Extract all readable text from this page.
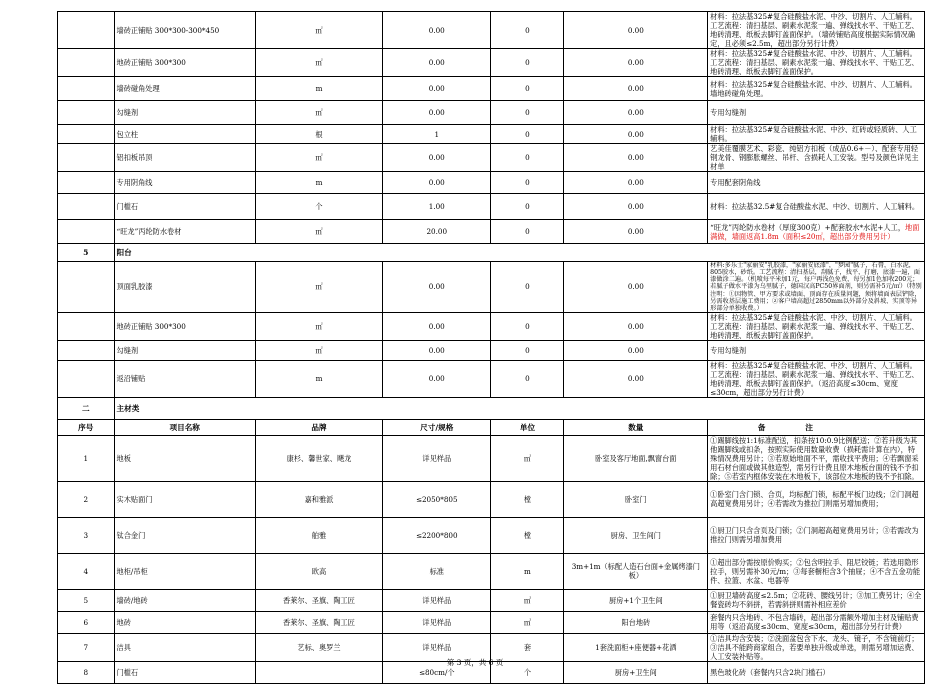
	墙砖正铺贴 300*300-300*450	㎡	0.00	0	0.00	材料：拉法基325#复合硅酸盐水泥、中沙、切割片、人工辅料。工艺流程：清扫基层、刷素水泥浆一遍、弹线找水平、干贴工艺、地砖清理、纸板去脚钉盖面保护。（墙砖铺贴高度根据实际情况确定，且必须≤2.5m，超出部分另行计费）	
	地砖正铺贴 300*300	㎡	0.00	0	0.00	材料：拉法基325#复合硅酸盐水泥、中沙、切割片、人工辅料。工艺流程：清扫基层、刷素水泥浆一遍、弹线找水平、干贴工艺、地砖清理、纸板去脚钉盖面保护。	
	墙砖碰角处理	m	0.00	0	0.00	材料：拉法基325#复合硅酸盐水泥、中沙、切割片、人工辅料。墙地砖碰角处理。	
	勾缝剂	㎡	0.00	0	0.00	专用勾缝剂	
	包立柱	根	1	0	0.00	材料：拉法基325#复合硅酸盐水泥、中沙、红砖或轻质砖、人工辅料。	
	铝扣板吊顶	㎡	0.00	0	0.00	艺美佳覆膜艺术、彩瓷、纯铝方扣板（成品0.6+－）、配套专用轻钢龙骨、钢膨胀螺丝、吊杆、含损耗人工安装。型号及颜色详见主材单	
	专用阴角线	m	0.00	0	0.00	专用配套阴角线	
	门槛石	个	1.00	0	0.00	材料：拉法基32.5#复合硅酸盐水泥、中沙、切割片、人工辅料。	
	“旺龙”丙纶防水卷材	㎡	20.00	0	0.00	“旺龙”丙纶防水卷材（厚度300克）+配套胶水*水泥+人工，地面满做，墙面返高1.8m（面积≤20㎡，超出部分费用另计）	
5	阳台						
	顶面乳胶漆	㎡	0.00	0	0.00	材料:多乐士"家丽安"乳胶漆，"家丽安底漆"，"梦园"腻子，石膏，白水泥，805胶水，砂纸。工艺流程：清扫基层，刮腻子，找平，打磨，底漆一遍，面漆做涂二遍。（机喷每平米加1元，每户再浅色免费，每另加1色加收200元；若腻子做水平漆为乌里腻子，德国汉高PC50界面剂，则另需补5元/㎡）（特别注明：①因物管、甲方要求或墙面、顶面存在质量问题，须将墙面表层铲除，另需收基层施工费用；②客户墙高超过2850mm以外部分及斜坡、实顶等异形部分单独收费。）	
	地砖正铺贴 300*300	㎡	0.00	0	0.00	材料：拉法基325#复合硅酸盐水泥、中沙、切割片、人工辅料。工艺流程：清扫基层、刷素水泥浆一遍、弹线找水平、干贴工艺、地砖清理、纸板去脚钉盖面保护。	
	勾缝剂	㎡	0.00	0	0.00	专用勾缝剂	
	返沿铺贴	m	0.00	0	0.00	材料：拉法基325#复合硅酸盐水泥、中沙、切割片、人工辅料。　工艺流程：清扫基层、刷素水泥浆一遍、弹线找水平、干贴工艺、地砖清理、纸板去脚钉盖面保护。（返沿高度≤30cm、宽度≤30cm，超出部分另行计费）	
二	主材类						
序号	项目名称	品牌	尺寸/规格	单位	数量	备	注
1	地板	康杉、馨世家、飓龙	详见样品	㎡	卧室及客厅地面,飘窗台面	①踢脚线按1:1标准配送，扣条按10:0.9比例配送；②若升级为其他踢脚线或扣条，按照实际使用数量收费（损耗需计算在内），特殊情况费用另计；③若原始地面不平，需收找平费用；④若飘窗采用石材台面或做其他造型，需另行计费且原木地板台面的钱不予扣除；⑤若室内框体安装在木地板下，该部位木地板的钱不予扣除。	
2	实木贴面门	嘉和雅派	≤2050*805	樘	卧室门	①卧室门含门锁、合页，均标配门锁，标配平板门边线；②门洞超高超宽费用另计；④若需改为推拉门则需另增加费用；	
3	钛合金门	舶雅	≤2200*800	樘	厨房、卫生间门	①厨卫门只含含页及门锁；②门洞超高超宽费用另计；③若需改为推拉门则需另增加费用	
4	地柜/吊柜	欧高	标准	m	3m+1m（标配人造石台面+金属烤漆门板）	①超出部分需按原价购买；②包含明拉手、阻尼铰链；若选用隐形拉手，则另需补30元/m；③每套橱柜含3个抽屉；④不含五金功能件、拉篮、水盆、电器等	
5	墙砖/地砖	香莱尔、圣旗、陶工匠	详见样品	㎡	厨房+1个卫生间	①厨卫墙砖高度≤2.5m；②花砖、腰线另计；③加工费另计；④全餐瓷砖均不斜拼，若需斜拼则需补相应差价	
6	地砖	香莱尔、圣旗、陶工匠	详见样品	㎡	阳台地砖	套餐内只含地砖、不包含墙砖，超出部分需额外增加主材及铺贴费用等（返沿高度≤30cm、宽度≤30cm，超出部分另行计费）	
7	洁具	艺标、奥罗兰	详见样品	套	1套洗面柜+座便器+花洒	①洁具均含安装；②洗面盆包含下水、龙头、镜子，不含镜前灯；③洁具不能跨商家组合，若要单独升级或单选，则需另增加运费、人工安装补贴等。	
8	门槛石		≤80cm/个	个	厨房+卫生间	黑色玻化砖（套餐内只含2块门槛石）	
第 3 页，共 6 页
